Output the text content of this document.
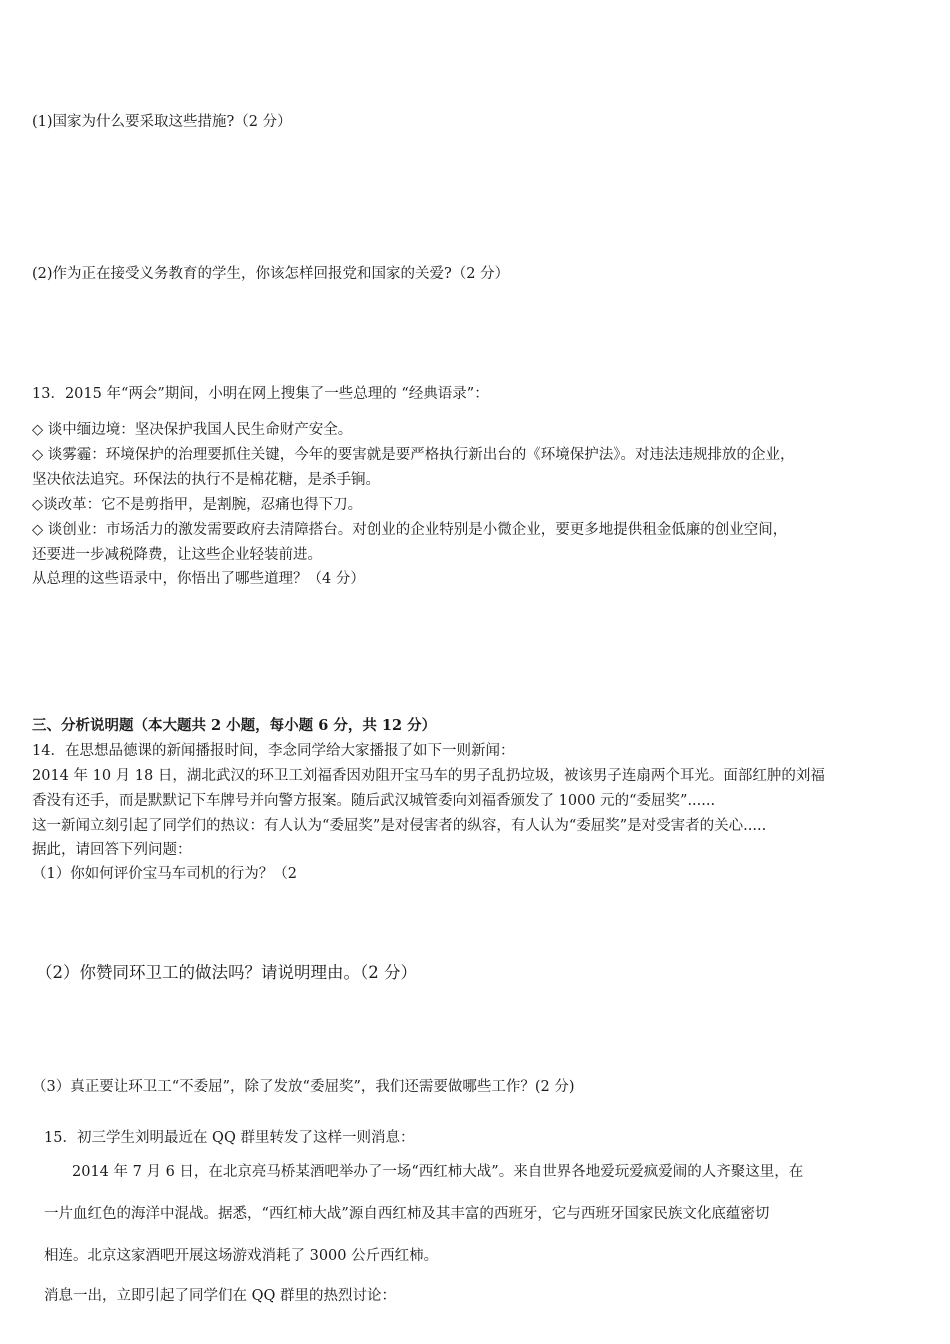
(1)国家为什么要采取这些措施?（2 分）
(2)作为正在接受义务教育的学生，你该怎样回报党和国家的关爱?（2 分）
13．2015 年“两会”期间，小明在网上搜集了一些总理的 “经典语录”：
◇ 谈中缅边境：坚决保护我国人民生命财产安全。
◇ 谈雾霾：环境保护的治理要抓住关键，今年的要害就是要严格执行新出台的《环境保护法》。对违法违规排放的企业，
坚决依法追究。环保法的执行不是棉花糖，是杀手锏。
◇谈改革：它不是剪指甲，是割腕，忍痛也得下刀。
◇ 谈创业：市场活力的激发需要政府去清障搭台。对创业的企业特别是小微企业，要更多地提供租金低廉的创业空间，
还要进一步减税降费，让这些企业轻装前进。
从总理的这些语录中，你悟出了哪些道理？（4 分）
三、分析说明题（本大题共 2 小题，每小题 6 分，共 12 分）
14．在思想品德课的新闻播报时间，李念同学给大家播报了如下一则新闻：
2014 年 10 月 18 日，湖北武汉的环卫工刘福香因劝阻开宝马车的男子乱扔垃圾，被该男子连扇两个耳光。面部红肿的刘福
香没有还手，而是默默记下车牌号并向警方报案。随后武汉城管委向刘福香颁发了 1000 元的“委屈奖”......
这一新闻立刻引起了同学们的热议：有人认为“委屈奖”是对侵害者的纵容，有人认为“委屈奖”是对受害者的关心.....
据此，请回答下列问题：
（1）你如何评价宝马车司机的行为？（2
（2）你赞同环卫工的做法吗？请说明理由。（2 分）
（3）真正要让环卫工“不委屈”，除了发放“委屈奖”，我们还需要做哪些工作？(2 分)
15．初三学生刘明最近在 QQ 群里转发了这样一则消息：
2014 年 7 月 6 日，在北京亮马桥某酒吧举办了一场“西红柿大战”。来自世界各地爱玩爱疯爱闹的人齐聚这里，在
一片血红色的海洋中混战。据悉，“西红柿大战”源自西红柿及其丰富的西班牙，它与西班牙国家民族文化底蕴密切
相连。北京这家酒吧开展这场游戏消耗了 3000 公斤西红柿。
消息一出，立即引起了同学们在 QQ 群里的热烈讨论：
